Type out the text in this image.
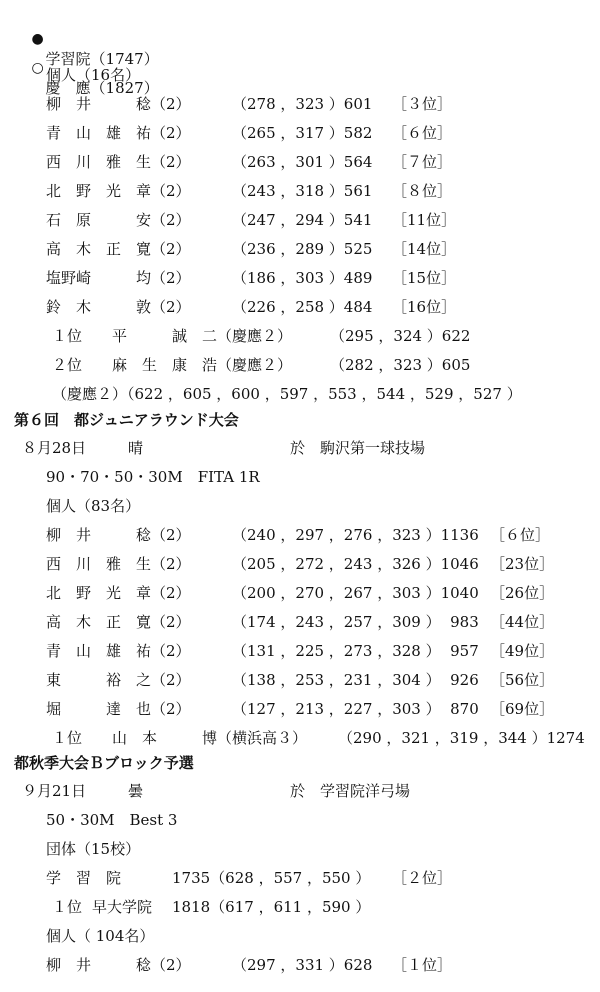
●
学習院（1747）

○
慶　應（1827）

個人（16名）
柳　井　　　稔（2）	（278 ，323 ）601 ［３位］
青　山　雄　祐（2）	（265 ，317 ）582 ［６位］
西　川　雅　生（2）	（263 ，301 ）564 ［７位］
北　野　光　章（2）	（243 ，318 ）561 ［８位］
石　原　　　安（2）	（247 ，294 ）541 ［11位］
高　木　正　寛（2）	（236 ，289 ）525 ［14位］
塩野崎　　　均（2）	（186 ，303 ）489 ［15位］
鈴　木　　　敦（2）	（226 ，258 ）484 ［16位］
１位 平　　　誠　二（慶應２）	（295 ，324 ）622
２位 麻　生　康　浩（慶應２）	（282 ，323 ）605
（慶應２）（622 ，605 ，600 ，597 ，553 ，544 ，529 ，527 ）
第６回　都ジュニアラウンド大会
８月28日	晴	於　駒沢第一球技場
90・70・50・30M　FITA 1R
個人（83名）
柳　井　　　稔（2）	（240 ，297 ，276 ，323 ）1136 ［６位］
西　川　雅　生（2）	（205 ，272 ，243 ，326 ）1046 ［23位］
北　野　光　章（2）	（200 ，270 ，267 ，303 ）1040 ［26位］
高　木　正　寛（2）	（174 ，243 ，257 ，309 ）  983 ［44位］
青　山　雄　祐（2）	（131 ，225 ，273 ，328 ）  957 ［49位］
東　　　裕　之（2）	（138 ，253 ，231 ，304 ）  926 ［56位］
堀　　　達　也（2）	（127 ，213 ，227 ，303 ）  870 ［69位］
１位 山　本　　　博（横浜高３） （290 ，321 ，319 ，344 ）1274
都秋季大会Ｂブロック予選
９月21日	曇	於　学習院洋弓場
50・30M　Best 3
団体（15校）
学　習　院	1735（628 ，557 ，550 ） ［２位］
１位 早大学院 1818（617 ，611 ，590 ）
個人（ 104名）
柳　井　　　稔（2）	（297 ，331 ）628 ［１位］
